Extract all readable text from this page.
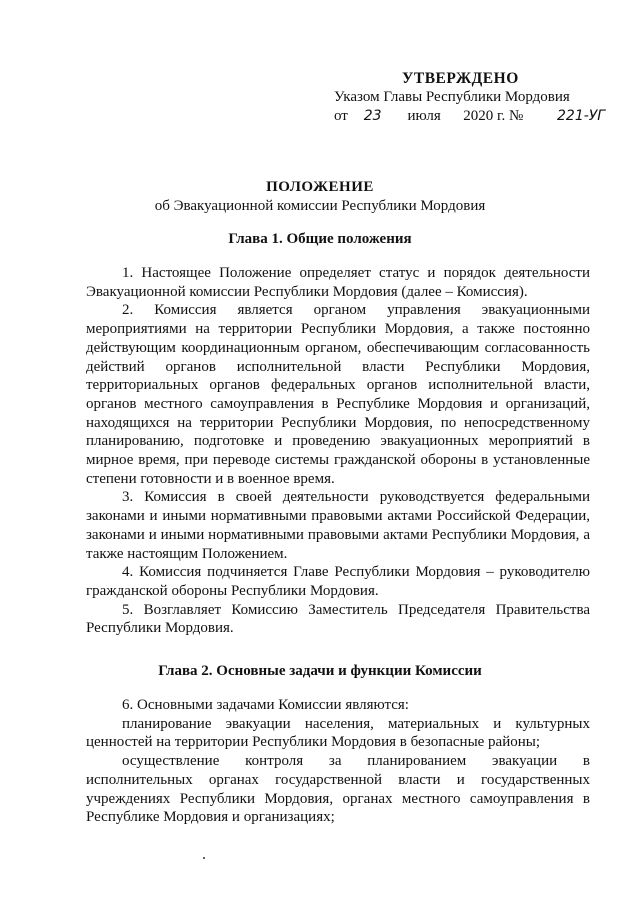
УТВЕРЖДЕНО
Указом Главы Республики Мордовия
от 23 июля 2020 г. № 221-УГ
ПОЛОЖЕНИЕ
об Эвакуационной комиссии Республики Мордовия
Глава 1. Общие положения

1. Настоящее Положение определяет статус и порядок деятельности Эвакуационной комиссии Республики Мордовия (далее – Комиссия).

2. Комиссия является органом управления эвакуационными мероприятиями на территории Республики Мордовия, а также постоянно действующим координационным органом, обеспечивающим согласованность действий органов исполнительной власти Республики Мордовия, территориальных органов федеральных органов исполнительной власти, органов местного самоуправления в Республике Мордовия и организаций, находящихся на территории Республики Мордовия, по непосредственному планированию, подготовке и проведению эвакуационных мероприятий в мирное время, при переводе системы гражданской обороны в установленные степени готовности и в военное время.

3. Комиссия в своей деятельности руководствуется федеральными законами и иными нормативными правовыми актами Российской Федерации, законами и иными нормативными правовыми актами Республики Мордовия, а также настоящим Положением.

4. Комиссия подчиняется Главе Республики Мордовия – руководителю гражданской обороны Республики Мордовия.

5. Возглавляет Комиссию Заместитель Председателя Правительства Республики Мордовия.

Глава 2. Основные задачи и функции Комиссии

6. Основными задачами Комиссии являются:

планирование эвакуации населения, материальных и культурных ценностей на территории Республики Мордовия в безопасные районы;

осуществление контроля за планированием эвакуации в исполнительных органах государственной власти и государственных учреждениях Республики Мордовия, органах местного самоуправления в Республике Мордовия и организациях;
